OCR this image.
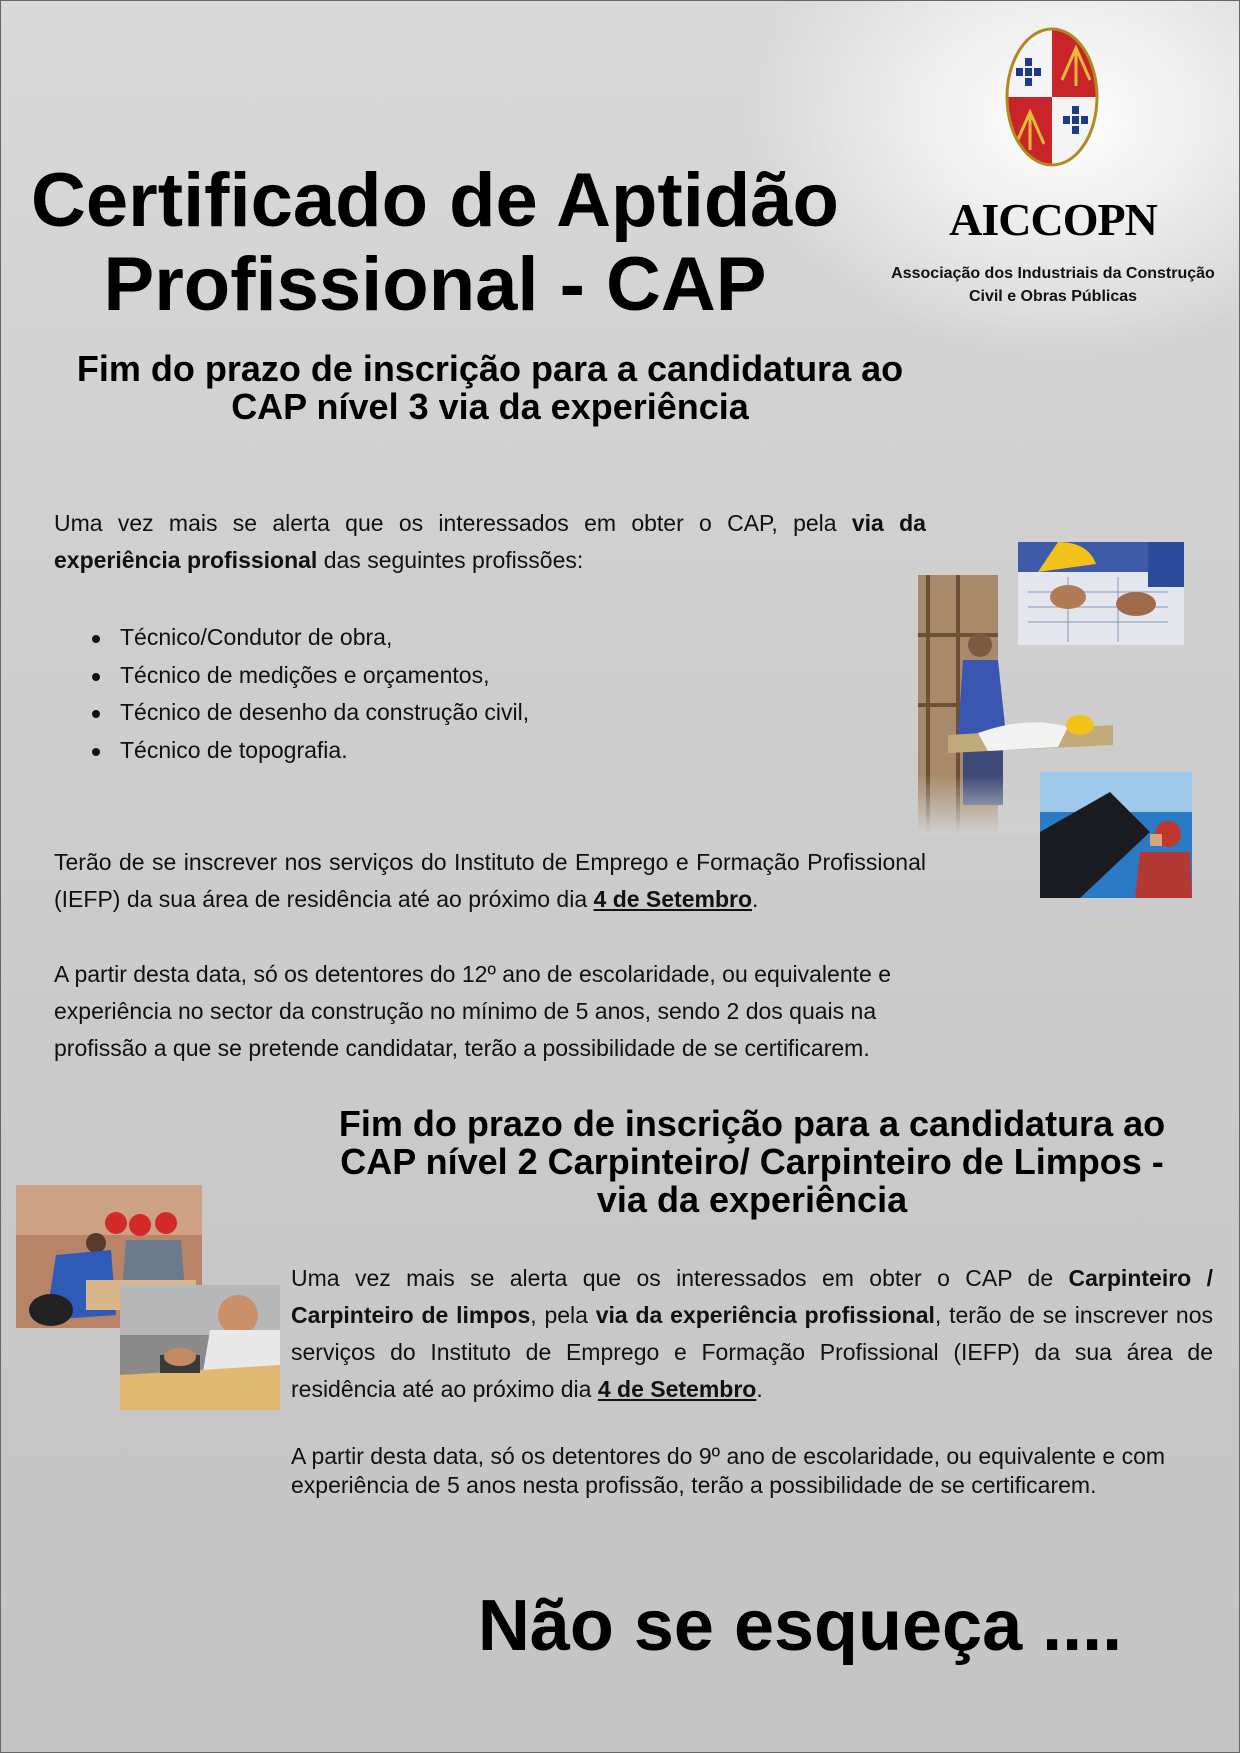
Certificado de Aptidão
Profissional - CAP
AICCOPN
Associação dos Industriais da Construção
Civil e Obras Públicas
Fim do prazo de inscrição para a candidatura ao
CAP nível 3 via da experiência

Uma vez mais se alerta que os interessados em obter o CAP, pela via da experiência profissional das seguintes profissões:

Técnico/Condutor de obra,
Técnico de medições e orçamentos,
Técnico de desenho da construção civil,
Técnico de topografia.

Terão de se inscrever nos serviços do Instituto de Emprego e Formação Profissional (IEFP) da sua área de residência até ao próximo dia 4 de Setembro.

A partir desta data, só os detentores do 12º ano de escolaridade, ou equivalente e experiência no sector da construção no mínimo de 5 anos, sendo 2 dos quais na profissão a que se pretende candidatar, terão a possibilidade de se certificarem.

Fim do prazo de inscrição para a candidatura ao
CAP nível 2 Carpinteiro/ Carpinteiro de Limpos -
via da experiência

Uma vez mais se alerta que os interessados em obter o CAP de Carpinteiro / Carpinteiro de limpos, pela via da experiência profissional, terão de se inscrever nos serviços do Instituto de Emprego e Formação Profissional (IEFP) da sua área de residência até ao próximo dia 4 de Setembro.

A partir desta data, só os detentores do 9º ano de escolaridade, ou equivalente e com experiência de 5 anos nesta profissão, terão a possibilidade de se certificarem.

Não se esqueça ....
